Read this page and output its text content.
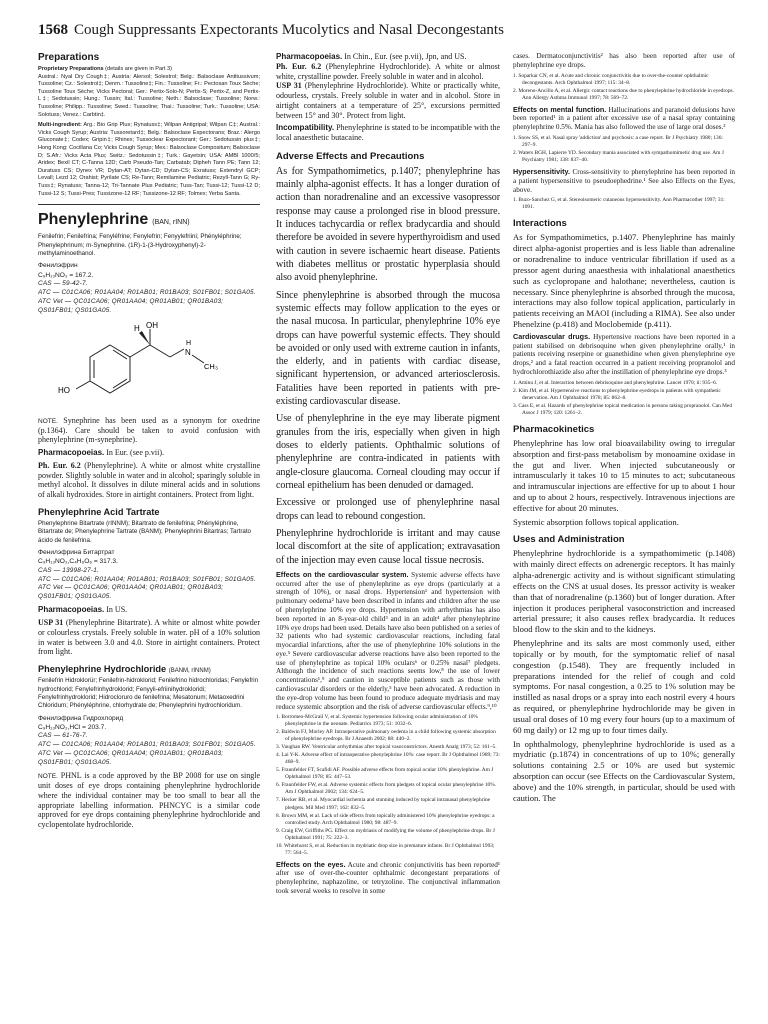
1568 Cough Suppressants Expectorants Mucolytics and Nasal Decongestants
Preparations

Proprietary Preparations (details are given in Part 3)
Austral.: Nyal Dry Cough‡; Austria: Alersol; Solestrol; Belg.: Balsoclase Antitussivum; Tussoline; Cz.: Solestrol‡; Denm.: Tussoline‡; Fin.: Tussoline; Fr.: Pectosan Toux Sèche; Tussoline Toux Sèche; Vicks Pectoral; Ger.: Pertix-Solo-N; Pertix-S; Pertix-Z, and Pertix-L‡; Sedotussin; Hung.: Tussin; Ital.: Tussoline; Neth.: Balsoclase; Tussoline; Norw.: Tussoline; Philipp.: Tussoline; Swed.: Tussoline; Thai.: Tussoline; Turk.: Tussoline; USA: Solotuss; Venez.: Carbtin‡.

Multi-ingredient: Arg.: Bio Grip Plus; Rynatuss‡; Wilpan Antigripal; Wilpan C‡; Austral.: Vicks Cough Syrup; Austria: Tussoretard‡; Belg.: Balsoclase Expectorans; Braz.: Alergo Gluconate‡; Codex; Gripin‡; Rhinex; Tussoclear Expectorant; Ger.: Sedotussin plus‡; Hong Kong: Cocillana Co; Vicks Cough Syrup; Mex.: Balsoclase Compositum; Balsoclase D; S.Afr.: Vicks Acta Plus; Switz.: Sedotussin‡; Turk.: Gayetsin; USA: AMBI 1000/5; Aridex; Bexil CT; C-Tanna 12D; Carb Pseudo-Tan; Carbatab; Dipheh Tann PE; Tann 12; Duratuss CS; Dynex VR; Dytan-AT; Dytan-CD; Dytan-CS; Exratuss; Extendryl GCP; Levall; Lezd 12; Orahist; Pyrilate CS; Re-Tann; Remilamine Pediatric; Rezyll-Tann G; Ry-Tuss‡; Rynatuss; Tanna-12; Tri-Tannate Plus Pediatric; Tuss-Tan; Tussi-12; Tussi-12 D; Tussi-12 S; Tussi-Pres; Tussizone-12 RF; Tussizone-12 RF; Tolmex; Yerba Santa.

Phenylephrine (BAN, rINN)

Fenilefrin; Fenilefrina; Fenyléfrine; Fenylefrin; Fenyylefriini; Phényléphrine; Phenylephrinum; m-Synephrine. (1R)-1-(3-Hydroxyphenyl)-2-methylaminoethanol.

Фенилэфрин

C₉H₁₃NO₂ = 167.2.

CAS — 59-42-7.

ATC — C01CA06; R01AA04; R01AB01; R01BA03; S01FB01; S01GA05.

ATC Vet — QC01CA06; QR01AA04; QR01AB01; QR01BA03; QS01FB01; QS01GA05.

HO
H OH
N
H
CH₃

NOTE. Synephrine has been used as a synonym for oxedrine (p.1364). Care should be taken to avoid confusion with phenylephrine (m-synephrine).

Pharmacopoeias. In Eur. (see p.vii).

Ph. Eur. 6.2 (Phenylephrine). A white or almost white crystalline powder. Slightly soluble in water and in alcohol; sparingly soluble in methyl alcohol. It dissolves in dilute mineral acids and in solutions of alkali hydroxides. Store in airtight containers. Protect from light.

Phenylephrine Acid Tartrate

Phenylephrine Bitartrate (rINNM); Bitartrato de fenilefrina; Phényléphrine, Bitartrate de; Phenylephrine Tartrate (BANM); Phenylephrini Bitartras; Tartrato ácido de fenilefrina.

Фенилэфрина Битартрат

C₉H₁₃NO₂,C₄H₆O₆ = 317.3.

CAS — 13998-27-1.

ATC — C01CA06; R01AA04; R01AB01; R01BA03; S01FB01; S01GA05.

ATC Vet — QC01CA06; QR01AA04; QR01AB01; QR01BA03; QS01FB01; QS01GA05.

Pharmacopoeias. In US.

USP 31 (Phenylephrine Bitartrate). A white or almost white powder or colourless crystals. Freely soluble in water. pH of a 10% solution in water is between 3.0 and 4.0. Store in airtight containers. Protect from light.

Phenylephrine Hydrochloride (BANM, rINNM)

Fenilefrin Hidroklorür; Fenilefrin-hidroklorid; Fenilefrino hidrochloridas; Fenylefrin hydrochlorid; Fenylefrinhydroklorid; Fenyyli-efriinihydrokloridi; Fenylefrinhydroklorid; Hidrocloruro de fenilefrina; Mesatonum; Metaoxedrini Chloridum; Phényléphrine, chlorhydrate de; Phenylephrini hydrochloridum.

Фенилэфрина Гидрохлорид

C₉H₁₃NO₂,HCl = 203.7.

CAS — 61-76-7.

ATC — C01CA06; R01AA04; R01AB01; R01BA03; S01FB01; S01GA05.

ATC Vet — QC01CA06; QR01AA04; QR01AB01; QR01BA03; QS01FB01; QS01GA05.

NOTE. PHNL is a code approved by the BP 2008 for use on single unit doses of eye drops containing phenylephrine hydrochloride where the individual container may be too small to bear all the appropriate labelling information. PHNCYC is a similar code approved for eye drops containing phenylephrine hydrochloride and cyclopentolate hydrochloride.

Pharmacopoeias. In Chin., Eur. (see p.vii), Jpn, and US.
Ph. Eur. 6.2 (Phenylephrine Hydrochloride). A white or almost white, crystalline powder. Freely soluble in water and in alcohol.
USP 31 (Phenylephrine Hydrochloride). White or practically white, odourless, crystals. Freely soluble in water and in alcohol. Store in airtight containers at a temperature of 25°, excursions permitted between 15° and 30°. Protect from light.

Incompatibility. Phenylephrine is stated to be incompatible with the local anaesthetic butacaine.

Adverse Effects and Precautions

As for Sympathomimetics, p.1407; phenylephrine has mainly alpha-agonist effects. It has a longer duration of action than noradrenaline and an excessive vasopressor response may cause a prolonged rise in blood pressure. It induces tachycardia or reflex bradycardia and should therefore be avoided in severe hyperthyroidism and used with caution in severe ischaemic heart disease. Patients with diabetes mellitus or prostatic hyperplasia should also avoid phenylephrine.

Since phenylephrine is absorbed through the mucosa systemic effects may follow application to the eyes or the nasal mucosa. In particular, phenylephrine 10% eye drops can have powerful systemic effects. They should be avoided or only used with extreme caution in infants, the elderly, and in patients with cardiac disease, significant hypertension, or advanced arteriosclerosis. Fatalities have been reported in patients with pre-existing cardiovascular disease.

Use of phenylephrine in the eye may liberate pigment granules from the iris, especially when given in high doses to elderly patients. Ophthalmic solutions of phenylephrine are contra-indicated in patients with angle-closure glaucoma. Corneal clouding may occur if corneal epithelium has been denuded or damaged.

Excessive or prolonged use of phenylephrine nasal drops can lead to rebound congestion.

Phenylephrine hydrochloride is irritant and may cause local discomfort at the site of application; extravasation of the injection may even cause local tissue necrosis.

Effects on the cardiovascular system. Systemic adverse effects have occurred after the use of phenylephrine as eye drops (particularly at a strength of 10%), or nasal drops. Hypertension¹ and hypertension with pulmonary oedema² have been described in infants and children after the use of phenylephrine 10% eye drops. Hypertension with arrhythmias has also been reported in an 8-year-old child³ and in an adult⁴ after phenylephrine 10% eye drops had been used. Details have also been published on a series of 32 patients who had systemic cardiovascular reactions, including fatal myocardial infarctions, after the use of phenylephrine 10% solutions in the eye.⁵ Severe cardiovascular adverse reactions have also been reported to the use of phenylephrine as topical 10% oculars⁶ or 0.25% nasal⁷ pledgets. Although the incidence of such reactions seems low,⁸ the use of lower concentrations¹,⁹ and caution in susceptible patients such as those with cardiovascular disorders or the elderly,⁵ have been advocated. A reduction in the eye-drop volume has been found to produce adequate mydriasis and may reduce systemic absorption and the risk of adverse cardiovascular effects.⁹,¹⁰

1. Borromeo-McGrail V, et al. Systemic hypertension following ocular administration of 10% phenylephrine in the neonate. Pediatrics 1973; 51: 1032–6.
2. Baldwin FJ, Morley AP. Intraoperative pulmonary oedema in a child following systemic absorption of phenylephrine eyedrops. Br J Anaesth 2002; 88: 440–2.
3. Vaughan RW. Ventricular arrhythmias after topical vasoconstrictors. Anesth Analg 1973; 52: 161–5.
4. Lai Y-K. Adverse effect of intraoperative phenylephrine 10%: case report. Br J Ophthalmol 1989; 73: 468–9.
5. Fraunfelder FT, Scafidi AF. Possible adverse effects from topical ocular 10% phenylephrine. Am J Ophthalmol 1978; 85: 447–53.
6. Fraunfelder FW, et al. Adverse systemic effects from pledgets of topical ocular phenylephrine 10%. Am J Ophthalmol 2002; 134: 624–5.
7. Hecker RB, et al. Myocardial ischemia and stunning induced by topical intranasal phenylephrine pledgets. Mil Med 1997; 162: 832–5.
8. Brown MM, et al. Lack of side effects from topically administered 10% phenylephrine eyedrops: a controlled study. Arch Ophthalmol 1980; 98: 487–9.
9. Craig EW, Griffiths PG. Effect on mydriasis of modifying the volume of phenylephrine drops. Br J Ophthalmol 1991; 75: 222–3.
10. Whitehurst S, et al. Reduction in mydriatic drop size in premature infants. Br J Ophthalmol 1993; 77: 564–5.

Effects on the eyes. Acute and chronic conjunctivitis has been reported¹ after use of over-the-counter ophthalmic decongestant preparations of phenylephrine, naphazoline, or tetryzoline. The conjunctival inflammation took several weeks to resolve in some

cases. Dermatoconjunctivitis² has also been reported after use of phenylephrine eye drops.

1. Soparkar CN, et al. Acute and chronic conjunctivitis due to over-the-counter ophthalmic decongestants. Arch Ophthalmol 1997; 115: 34–8.
2. Moreno-Ancillo A, et al. Allergic contact reactions due to phenylephrine hydrochloride in eyedrops. Ann Allergy Asthma Immunol 1997; 78: 569–72.

Effects on mental function. Hallucinations and paranoid delusions have been reported¹ in a patient after excessive use of a nasal spray containing phenylephrine 0.5%. Mania has also followed the use of large oral doses.²

1. Snow SS, et al. Nasal spray 'addiction' and psychosis: a case report. Br J Psychiatry 1980; 136: 297–9.
2. Waters BGH, Lapierre YD. Secondary mania associated with sympathomimetic drug use. Am J Psychiatry 1981; 138: 837–40.

Hypersensitivity. Cross-sensitivity to phenylephrine has been reported in a patient hypersensitive to pseudoephedrine.¹ See also Effects on the Eyes, above.

1. Buzo-Sanchez G, et al. Stereoisomeric cutaneous hypersensitivity. Ann Pharmacother 1997; 31: 1091.
Interactions

As for Sympathomimetics, p.1407. Phenylephrine has mainly direct alpha-agonist properties and is less liable than adrenaline or noradrenaline to induce ventricular fibrillation if used as a pressor agent during anaesthesia with inhalational anaesthetics such as cyclopropane and halothane; nevertheless, caution is necessary. Since phenylephrine is absorbed through the mucosa, interactions may also follow topical application, particularly in patients receiving an MAOI (including a RIMA). See also under Phenelzine (p.418) and Moclobemide (p.411).

Cardiovascular drugs. Hypertensive reactions have been reported in a patient stabilised on debrisoquine when given phenylephrine orally,¹ in patients receiving reserpine or guanethidine when given phenylephrine eye drops,² and a fatal reaction occurred in a patient receiving propranolol and hydrochlorothiazide also after the instillation of phenylephrine eye drops.³

1. Aminu J, et al. Interaction between debrisoquine and phenylephrine. Lancet 1970; ii: 935–6.
2. Kim JM, et al. Hypertensive reactions to phenylephrine eyedrops in patients with sympathetic denervation. Am J Ophthalmol 1978; 85: 862–8.
3. Cass E, et al. Hazards of phenylephrine topical medication in persons taking propranolol. Can Med Assoc J 1979; 120: 1261–2.
Pharmacokinetics

Phenylephrine has low oral bioavailability owing to irregular absorption and first-pass metabolism by monoamine oxidase in the gut and liver. When injected subcutaneously or intramuscularly it takes 10 to 15 minutes to act; subcutaneous and intramuscular injections are effective for up to about 1 hour and up to about 2 hours, respectively. Intravenous injections are effective for about 20 minutes.

Systemic absorption follows topical application.

Uses and Administration

Phenylephrine hydrochloride is a sympathomimetic (p.1408) with mainly direct effects on adrenergic receptors. It has mainly alpha-adrenergic activity and is without significant stimulating effects on the CNS at usual doses. Its pressor activity is weaker than that of noradrenaline (p.1360) but of longer duration. After injection it produces peripheral vasoconstriction and increased arterial pressure; it also causes reflex bradycardia. It reduces blood flow to the skin and to the kidneys.

Phenylephrine and its salts are most commonly used, either topically or by mouth, for the symptomatic relief of nasal congestion (p.1548). They are frequently included in preparations intended for the relief of cough and cold symptoms. For nasal congestion, a 0.25 to 1% solution may be instilled as nasal drops or a spray into each nostril every 4 hours as required, or phenylephrine hydrochloride may be given in usual oral doses of 10 mg every four hours (up to a maximum of 60 mg daily) or 12 mg up to four times daily.

In ophthalmology, phenylephrine hydrochloride is used as a mydriatic (p.1874) in concentrations of up to 10%; generally solutions containing 2.5 or 10% are used but systemic absorption can occur (see Effects on the Cardiovascular System, above) and the 10% strength, in particular, should be used with caution. The
